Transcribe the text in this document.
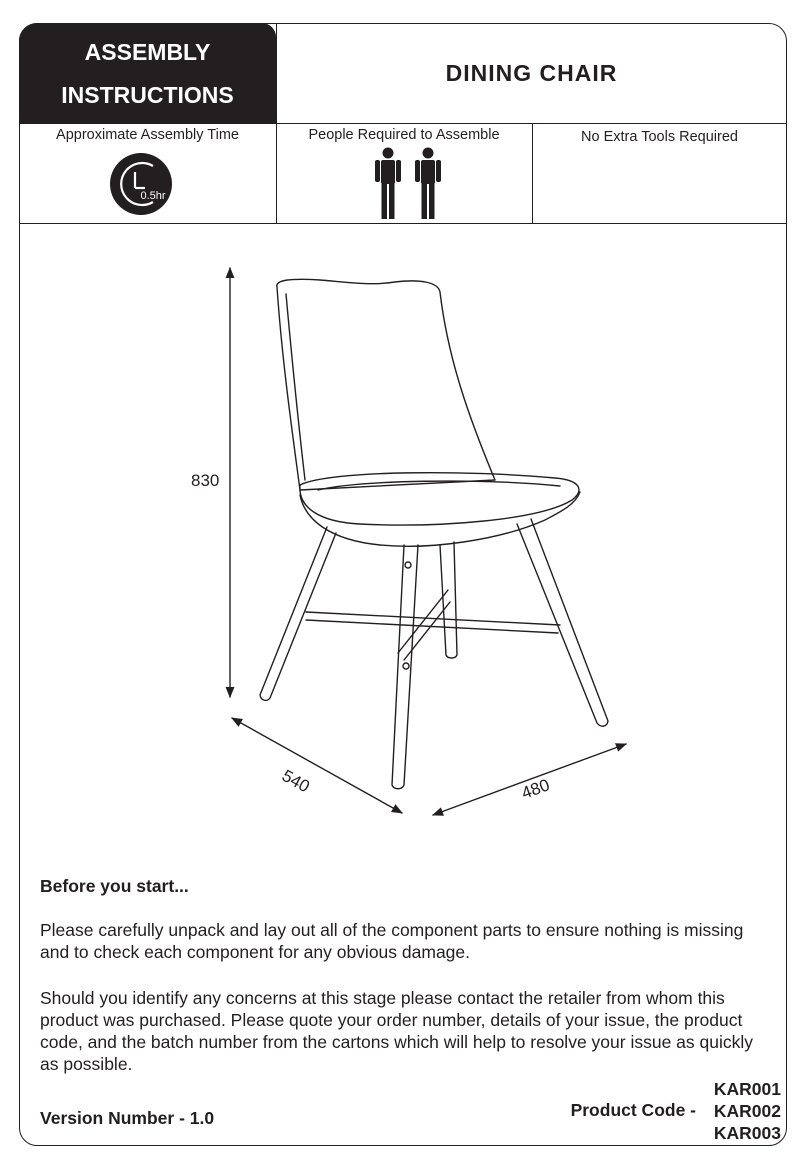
ASSEMBLY
INSTRUCTIONS
DINING CHAIR
Approximate Assembly Time	People Required to Assemble	No Extra Tools Required
0.5hr
830
540	480
Before you start...
Please carefully unpack and lay out all of the component parts to ensure nothing is missing and to check each component for any obvious damage.
Should you identify any concerns at this stage please contact the retailer from whom this product was purchased. Please quote your order number, details of your issue, the product code, and the batch number from the cartons which will help to resolve your issue as quickly as possible.
Version Number - 1.0	Product Code -
KAR001
KAR002
KAR003
